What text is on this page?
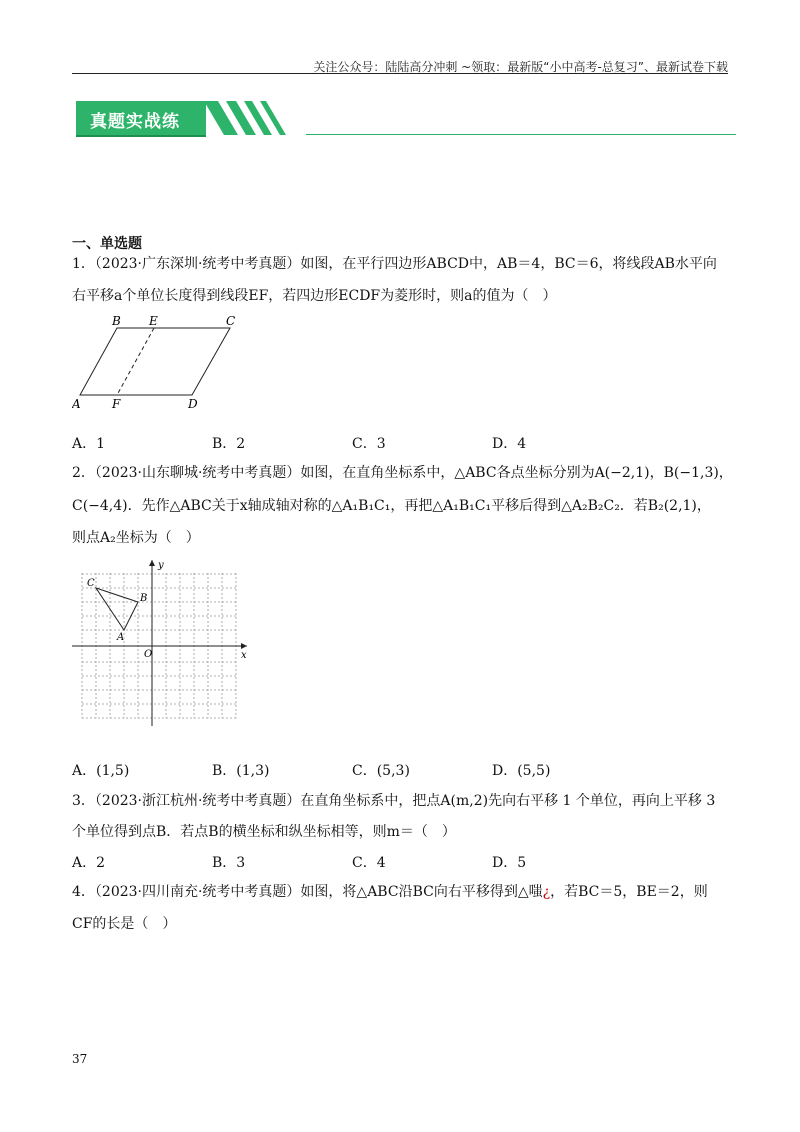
关注公众号：陆陆高分冲刺 ~领取：最新版“小中高考-总复习”、最新试卷下载
真题实战练
一、单选题
1．（2023·广东深圳·统考中考真题）如图，在平行四边形ABCD中，AB＝4，BC＝6，将线段AB水平向
右平移a个单位长度得到线段EF，若四边形ECDF为菱形时，则a的值为（　）
B E	C
A	F	D
A．1	B．2	C．3	D．4
2．（2023·山东聊城·统考中考真题）如图，在直角坐标系中，△ABC各点坐标分别为A(−2,1)，B(−1,3)，
C(−4,4)．先作△ABC关于x轴成轴对称的△A₁B₁C₁，再把△A₁B₁C₁平移后得到△A₂B₂C₂．若B₂(2,1)，
则点A₂坐标为（　）
y
x
O
C
B
A
A．(1,5)	B．(1,3)	C．(5,3)	D．(5,5)
3．（2023·浙江杭州·统考中考真题）在直角坐标系中，把点A(m,2)先向右平移 1 个单位，再向上平移 3
个单位得到点B．若点B的横坐标和纵坐标相等，则m＝（　）
A．2	B．3	C．4	D．5
4．（2023·四川南充·统考中考真题）如图，将△ABC沿BC向右平移得到△嗤¿，若BC＝5，BE＝2，则
CF的长是（　）
37
